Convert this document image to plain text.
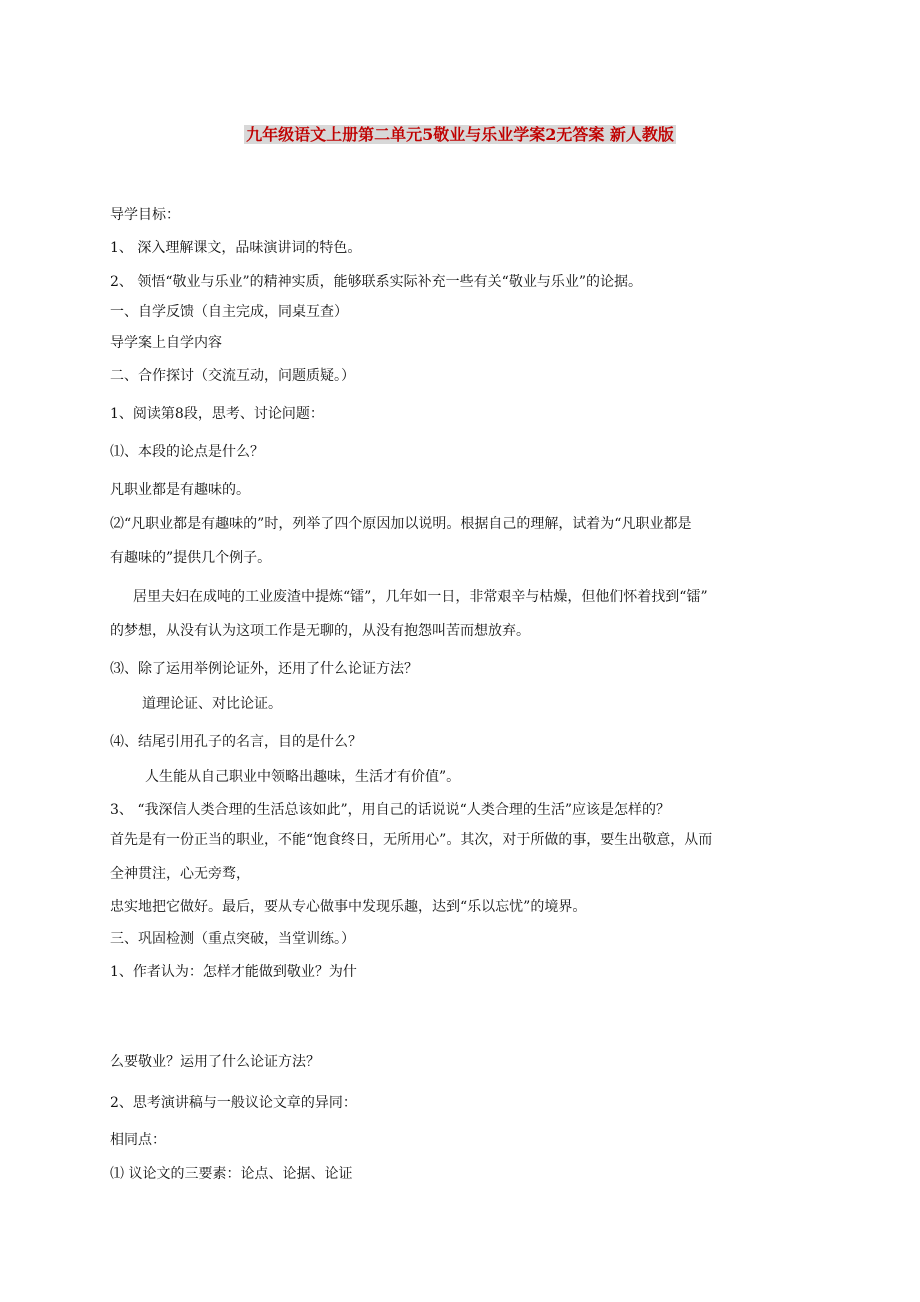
九年级语文上册第二单元5敬业与乐业学案2无答案 新人教版
导学目标：
1、 深入理解课文，品味演讲词的特色。
2、 领悟“敬业与乐业”的精神实质，能够联系实际补充一些有关“敬业与乐业”的论据。
一、自学反馈（自主完成，同桌互查）
导学案上自学内容
二、合作探讨（交流互动，问题质疑。）
1、阅读第8段，思考、讨论问题：
⑴、本段的论点是什么？
凡职业都是有趣味的。
⑵“凡职业都是有趣味的”时，列举了四个原因加以说明。根据自己的理解，试着为“凡职业都是
有趣味的”提供几个例子。
居里夫妇在成吨的工业废渣中提炼“镭”，几年如一日，非常艰辛与枯燥，但他们怀着找到“镭”
的梦想，从没有认为这项工作是无聊的，从没有抱怨叫苦而想放弃。
⑶、除了运用举例论证外，还用了什么论证方法？
道理论证、对比论证。
⑷、结尾引用孔子的名言，目的是什么？
人生能从自己职业中领略出趣味，生活才有价值”。
3、 “我深信人类合理的生活总该如此”，用自己的话说说“人类合理的生活”应该是怎样的？
首先是有一份正当的职业，不能“饱食终日，无所用心”。其次，对于所做的事，要生出敬意，从而
全神贯注，心无旁骛，
忠实地把它做好。最后，要从专心做事中发现乐趣，达到“乐以忘忧”的境界。
三、巩固检测（重点突破，当堂训练。）
1、作者认为：怎样才能做到敬业？为什
么要敬业？运用了什么论证方法？
2、思考演讲稿与一般议论文章的异同：
相同点：
⑴ 议论文的三要素：论点、论据、论证
